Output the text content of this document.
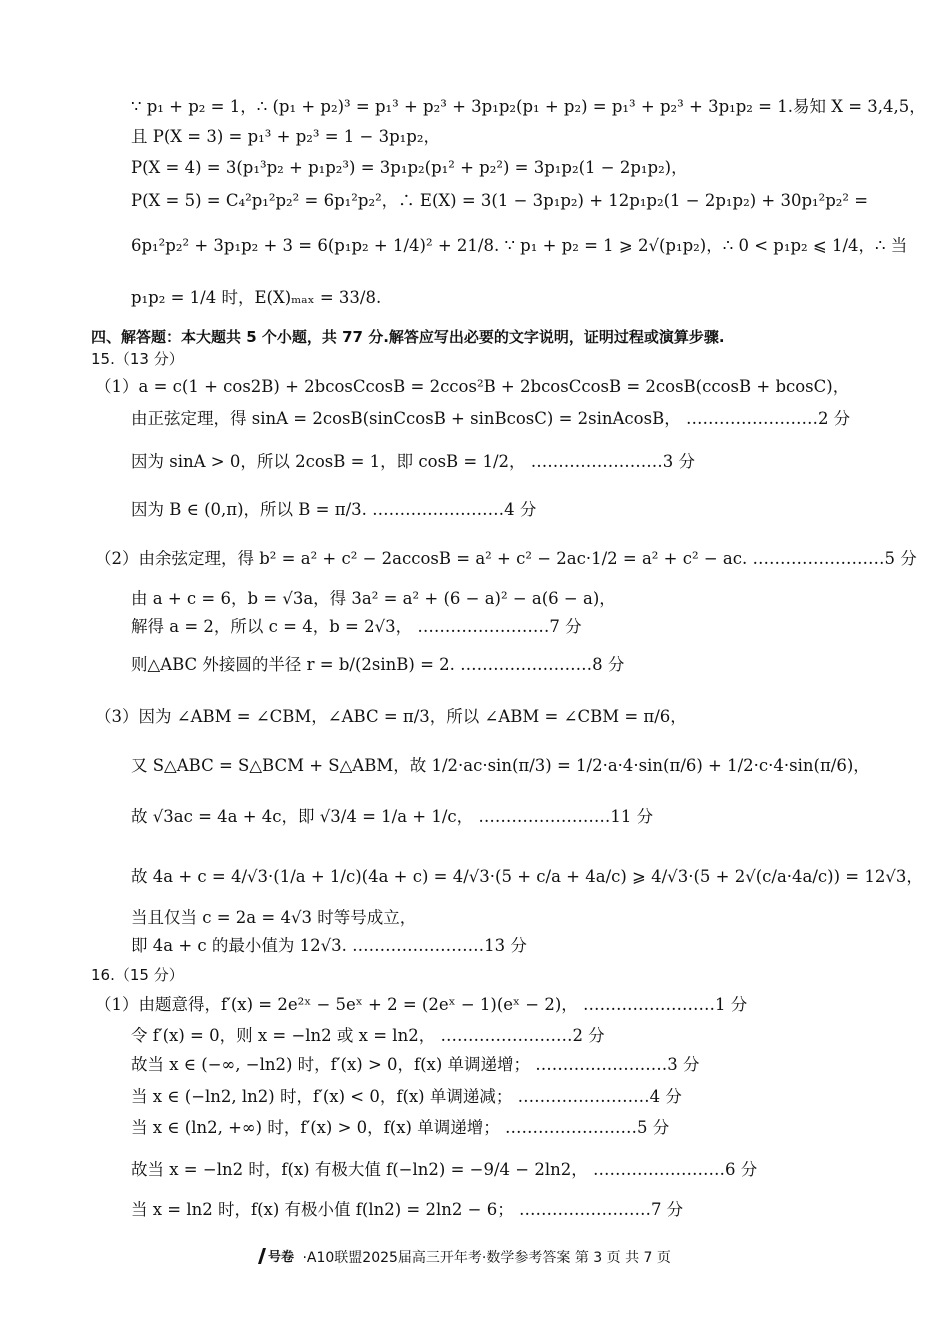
∵ p₁ + p₂ = 1，∴ (p₁ + p₂)³ = p₁³ + p₂³ + 3p₁p₂(p₁ + p₂) = p₁³ + p₂³ + 3p₁p₂ = 1.易知 X = 3,4,5，
且 P(X = 3) = p₁³ + p₂³ = 1 − 3p₁p₂，
P(X = 4) = 3(p₁³p₂ + p₁p₂³) = 3p₁p₂(p₁² + p₂²) = 3p₁p₂(1 − 2p₁p₂)，
P(X = 5) = C₄²p₁²p₂² = 6p₁²p₂²，∴ E(X) = 3(1 − 3p₁p₂) + 12p₁p₂(1 − 2p₁p₂) + 30p₁²p₂² =
6p₁²p₂² + 3p₁p₂ + 3 = 6(p₁p₂ + 1/4)² + 21/8. ∵ p₁ + p₂ = 1 ⩾ 2√(p₁p₂)，∴ 0 < p₁p₂ ⩽ 1/4，∴ 当
p₁p₂ = 1/4 时，E(X)ₘₐₓ = 33/8.
四、解答题：本大题共 5 个小题，共 77 分.解答应写出必要的文字说明，证明过程或演算步骤.
15.（13 分）
（1）a = c(1 + cos2B) + 2bcosCcosB = 2ccos²B + 2bcosCcosB = 2cosB(ccosB + bcosC)，
由正弦定理，得 sinA = 2cosB(sinCcosB + sinBcosC) = 2sinAcosB， ……………………2 分
因为 sinA > 0，所以 2cosB = 1，即 cosB = 1/2， ……………………3 分
因为 B ∈ (0,π)，所以 B = π/3. ……………………4 分
（2）由余弦定理，得 b² = a² + c² − 2accosB = a² + c² − 2ac·1/2 = a² + c² − ac. ……………………5 分
由 a + c = 6，b = √3a，得 3a² = a² + (6 − a)² − a(6 − a)，
解得 a = 2，所以 c = 4，b = 2√3， ……………………7 分
则△ABC 外接圆的半径 r = b/(2sinB) = 2. ……………………8 分
（3）因为 ∠ABM = ∠CBM，∠ABC = π/3，所以 ∠ABM = ∠CBM = π/6，
又 S△ABC = S△BCM + S△ABM，故 1/2·ac·sin(π/3) = 1/2·a·4·sin(π/6) + 1/2·c·4·sin(π/6)，
故 √3ac = 4a + 4c，即 √3/4 = 1/a + 1/c， ……………………11 分
故 4a + c = 4/√3·(1/a + 1/c)(4a + c) = 4/√3·(5 + c/a + 4a/c) ⩾ 4/√3·(5 + 2√(c/a·4a/c)) = 12√3，
当且仅当 c = 2a = 4√3 时等号成立，
即 4a + c 的最小值为 12√3. ……………………13 分
16.（15 分）
（1）由题意得，f′(x) = 2e²ˣ − 5eˣ + 2 = (2eˣ − 1)(eˣ − 2)， ……………………1 分
令 f′(x) = 0，则 x = −ln2 或 x = ln2， ……………………2 分
故当 x ∈ (−∞, −ln2) 时，f′(x) > 0，f(x) 单调递增； ……………………3 分
当 x ∈ (−ln2, ln2) 时，f′(x) < 0，f(x) 单调递减； ……………………4 分
当 x ∈ (ln2, +∞) 时，f′(x) > 0，f(x) 单调递增； ……………………5 分
故当 x = −ln2 时，f(x) 有极大值 f(−ln2) = −9/4 − 2ln2， ……………………6 分
当 x = ln2 时，f(x) 有极小值 f(ln2) = 2ln2 − 6； ……………………7 分
号卷 ·A10联盟2025届高三开年考·数学参考答案 第 3 页 共 7 页
